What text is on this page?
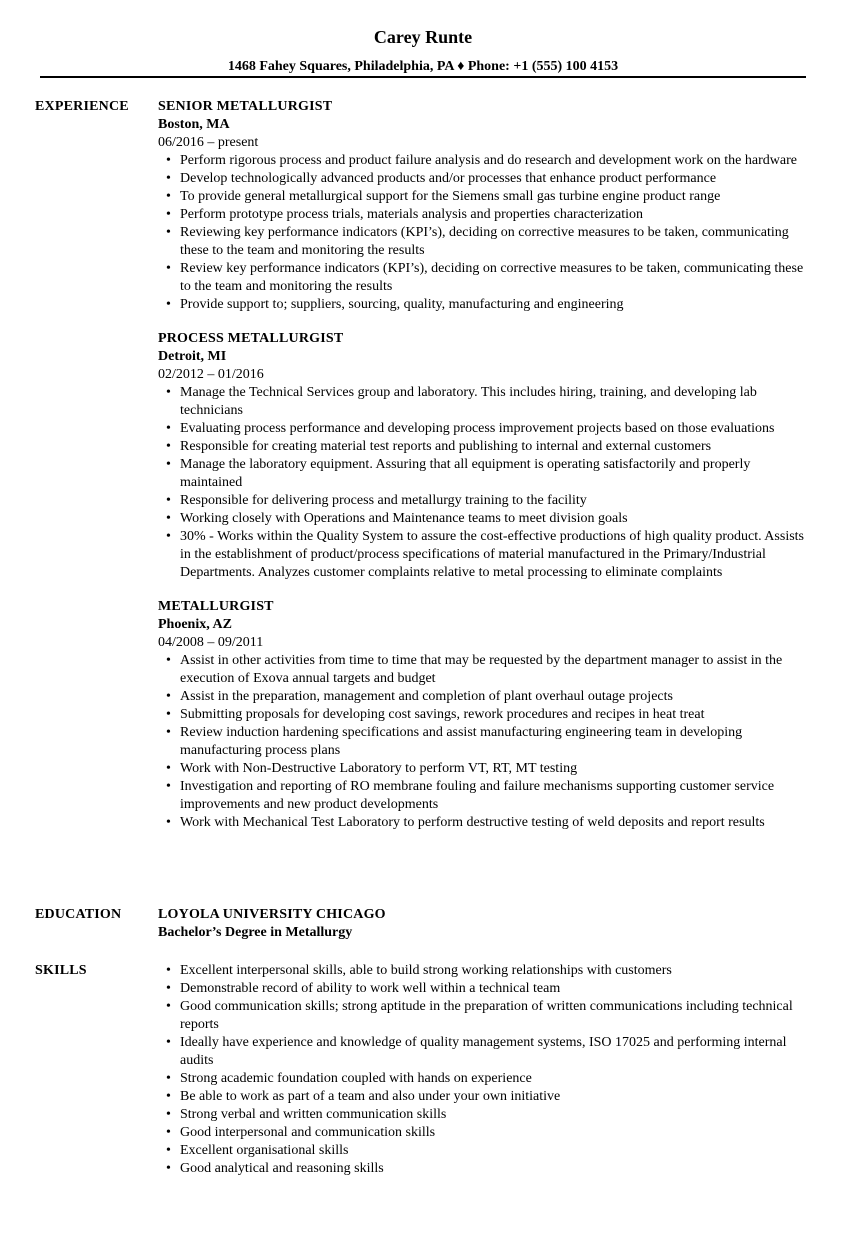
Carey Runte
1468 Fahey Squares, Philadelphia, PA ♦ Phone: +1 (555) 100 4153
EXPERIENCE SENIOR METALLURGIST
Boston, MA
06/2016 – present
• Perform rigorous process and product failure analysis and do research and development work on the hardware
• Develop technologically advanced products and/or processes that enhance product performance
• To provide general metallurgical support for the Siemens small gas turbine engine product range
• Perform prototype process trials, materials analysis and properties characterization
• Reviewing key performance indicators (KPI’s), deciding on corrective measures to be taken, communicating these to the team and monitoring the results
• Review key performance indicators (KPI’s), deciding on corrective measures to be taken, communicating these to the team and monitoring the results
• Provide support to; suppliers, sourcing, quality, manufacturing and engineering
PROCESS METALLURGIST
Detroit, MI
02/2012 – 01/2016
• Manage the Technical Services group and laboratory. This includes hiring, training, and developing lab technicians
• Evaluating process performance and developing process improvement projects based on those evaluations
• Responsible for creating material test reports and publishing to internal and external customers
• Manage the laboratory equipment. Assuring that all equipment is operating satisfactorily and properly maintained
• Responsible for delivering process and metallurgy training to the facility
• Working closely with Operations and Maintenance teams to meet division goals
• 30% - Works within the Quality System to assure the cost-effective productions of high quality product. Assists in the establishment of product/process specifications of material manufactured in the Primary/Industrial Departments. Analyzes customer complaints relative to metal processing to eliminate complaints
METALLURGIST
Phoenix, AZ
04/2008 – 09/2011
• Assist in other activities from time to time that may be requested by the department manager to assist in the execution of Exova annual targets and budget
• Assist in the preparation, management and completion of plant overhaul outage projects
• Submitting proposals for developing cost savings, rework procedures and recipes in heat treat
• Review induction hardening specifications and assist manufacturing engineering team in developing manufacturing process plans
• Work with Non-Destructive Laboratory to perform VT, RT, MT testing
• Investigation and reporting of RO membrane fouling and failure mechanisms supporting customer service improvements and new product developments
• Work with Mechanical Test Laboratory to perform destructive testing of weld deposits and report results
EDUCATION	LOYOLA UNIVERSITY CHICAGO
Bachelor’s Degree in Metallurgy
SKILLS
•	Excellent interpersonal skills, able to build strong working relationships with customers
• Demonstrable record of ability to work well within a technical team
• Good communication skills; strong aptitude in the preparation of written communications including technical reports
• Ideally have experience and knowledge of quality management systems, ISO 17025 and performing internal audits
• Strong academic foundation coupled with hands on experience
• Be able to work as part of a team and also under your own initiative
• Strong verbal and written communication skills
• Good interpersonal and communication skills
• Excellent organisational skills
• Good analytical and reasoning skills
